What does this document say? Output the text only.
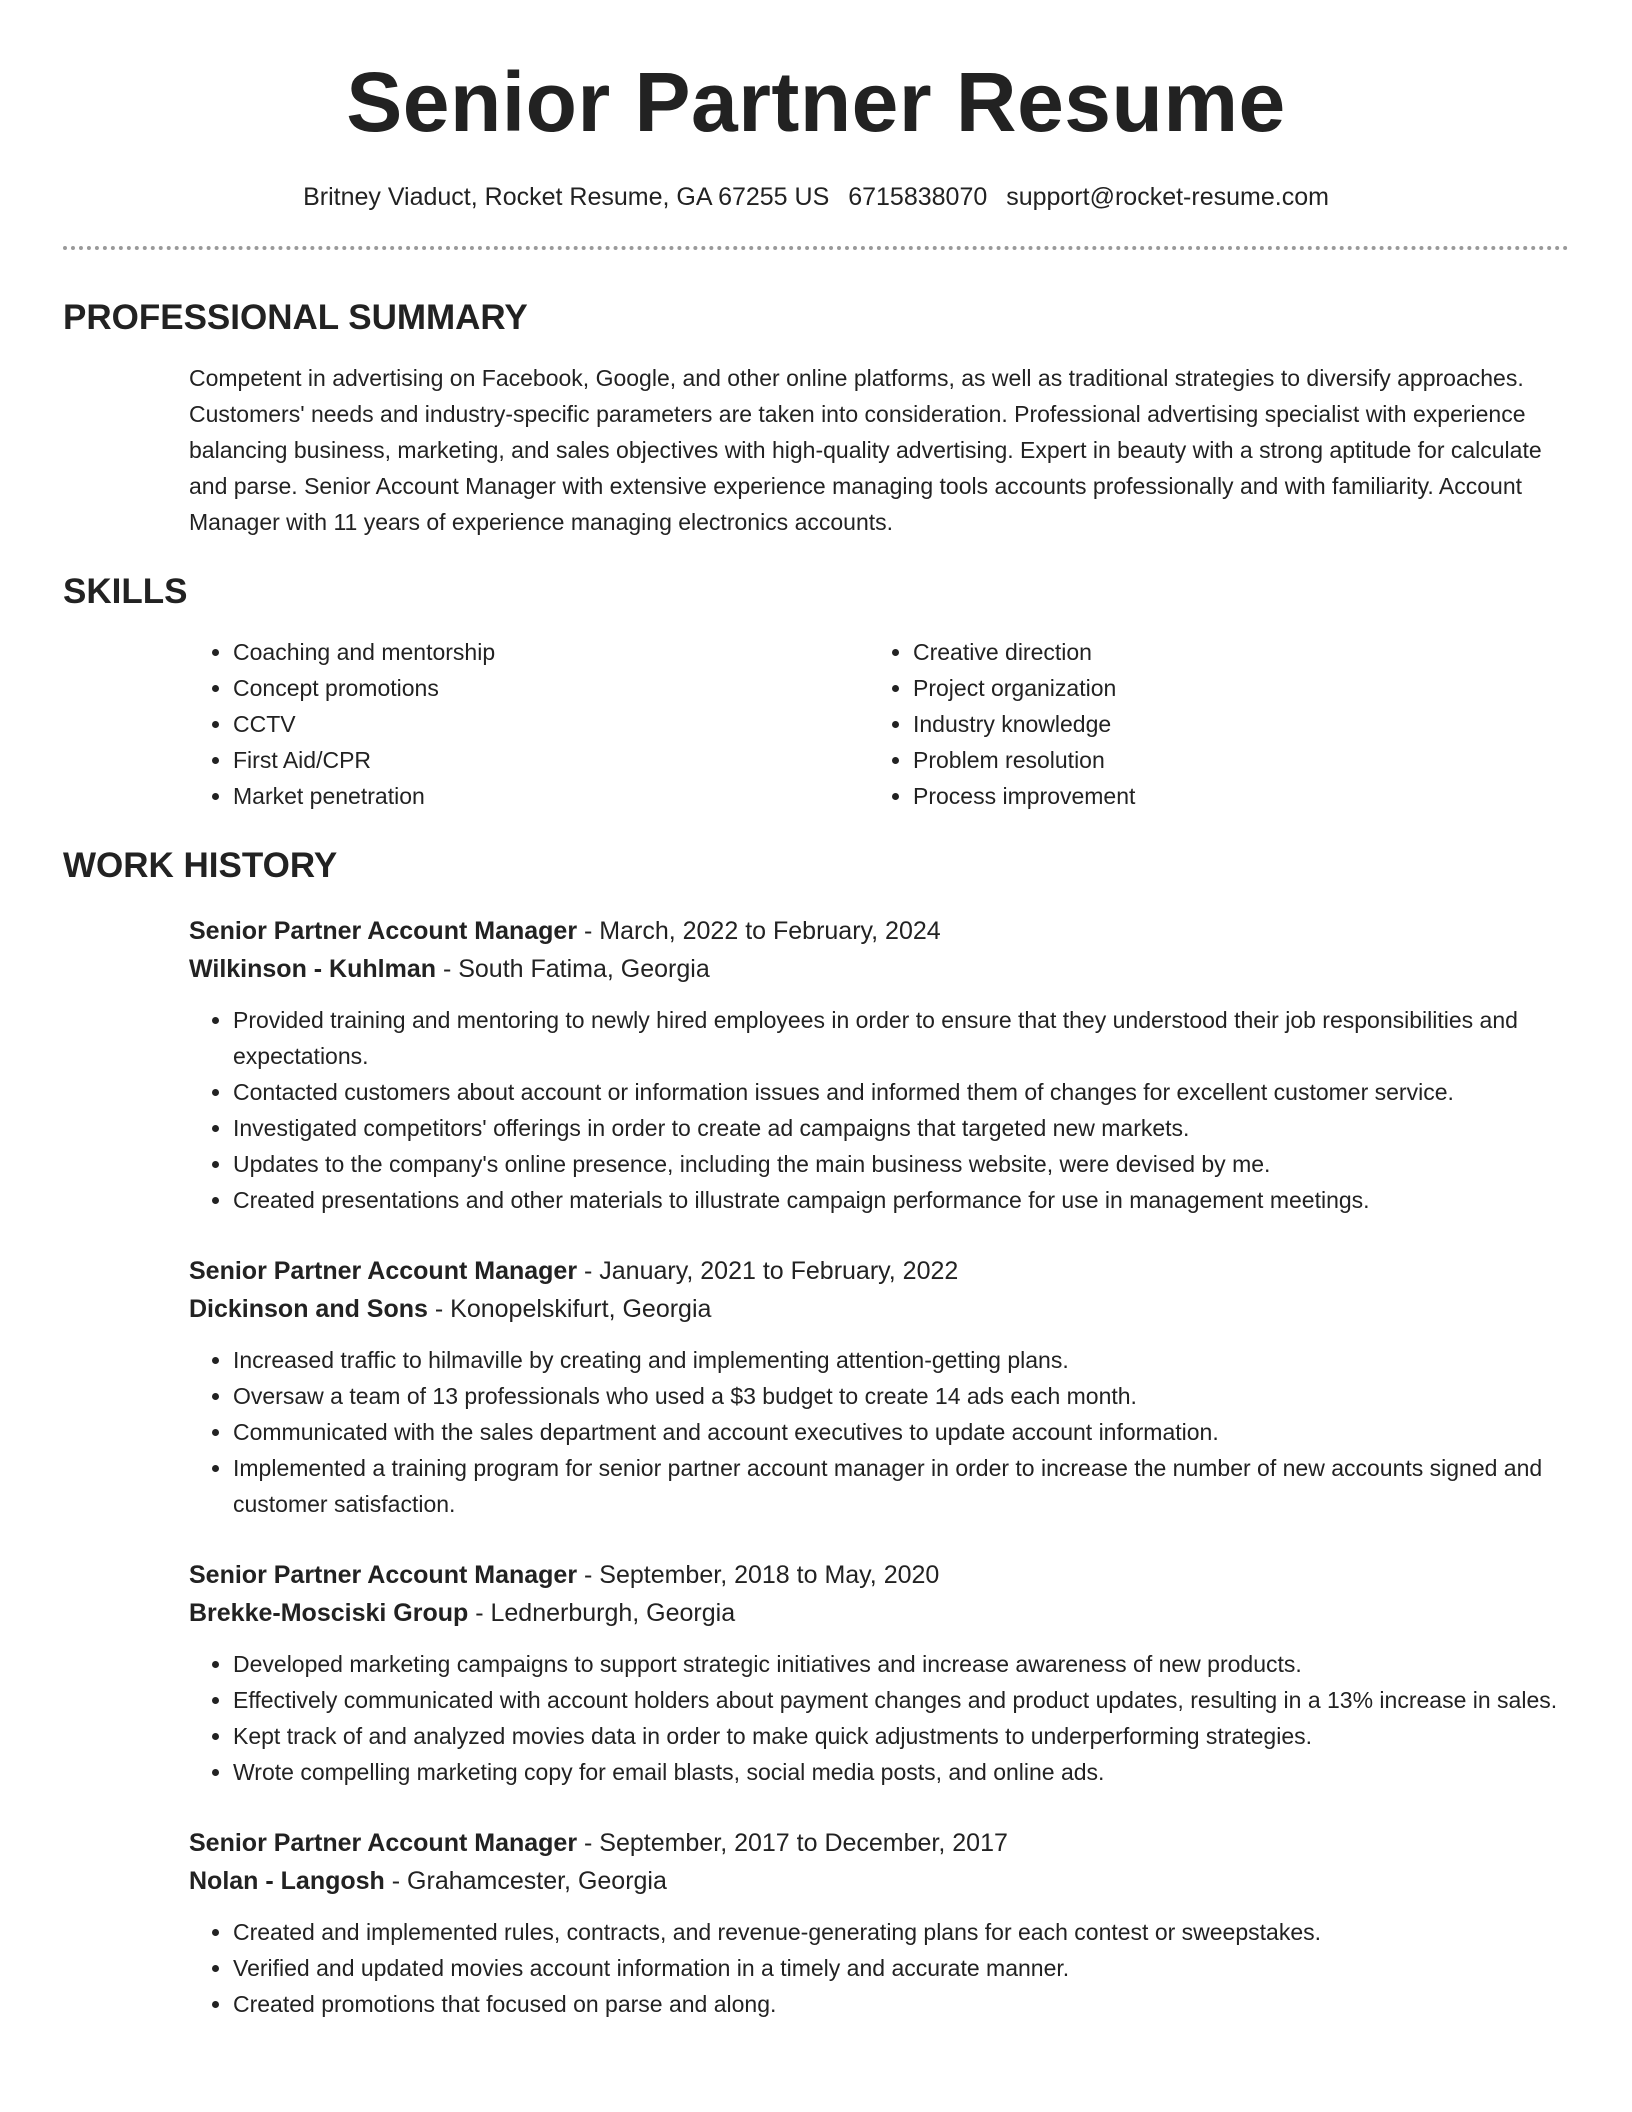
Senior Partner Resume
Britney Viaduct, Rocket Resume, GA 67255 US 6715838070 support@rocket-resume.com
PROFESSIONAL SUMMARY

Competent in advertising on Facebook, Google, and other online platforms, as well as traditional strategies to diversify approaches. Customers' needs and industry-specific parameters are taken into consideration. Professional advertising specialist with experience balancing business, marketing, and sales objectives with high-quality advertising. Expert in beauty with a strong aptitude for calculate and parse. Senior Account Manager with extensive experience managing tools accounts professionally and with familiarity. Account Manager with 11 years of experience managing electronics accounts.

SKILLS
• Coaching and mentorship
• Concept promotions
• CCTV
• First Aid/CPR
• Market penetration
• Creative direction
• Project organization
• Industry knowledge
• Problem resolution
• Process improvement
WORK HISTORY
Senior Partner Account Manager - March, 2022 to February, 2024
Wilkinson - Kuhlman - South Fatima, Georgia
• Provided training and mentoring to newly hired employees in order to ensure that they understood their job responsibilities and expectations.
• Contacted customers about account or information issues and informed them of changes for excellent customer service.
• Investigated competitors' offerings in order to create ad campaigns that targeted new markets.
• Updates to the company's online presence, including the main business website, were devised by me.
• Created presentations and other materials to illustrate campaign performance for use in management meetings.
Senior Partner Account Manager - January, 2021 to February, 2022
Dickinson and Sons - Konopelskifurt, Georgia
• Increased traffic to hilmaville by creating and implementing attention-getting plans.
• Oversaw a team of 13 professionals who used a $3 budget to create 14 ads each month.
• Communicated with the sales department and account executives to update account information.
• Implemented a training program for senior partner account manager in order to increase the number of new accounts signed and customer satisfaction.
Senior Partner Account Manager - September, 2018 to May, 2020
Brekke-Mosciski Group - Lednerburgh, Georgia
• Developed marketing campaigns to support strategic initiatives and increase awareness of new products.
• Effectively communicated with account holders about payment changes and product updates, resulting in a 13% increase in sales.
• Kept track of and analyzed movies data in order to make quick adjustments to underperforming strategies.
• Wrote compelling marketing copy for email blasts, social media posts, and online ads.
Senior Partner Account Manager - September, 2017 to December, 2017
Nolan - Langosh - Grahamcester, Georgia
• Created and implemented rules, contracts, and revenue-generating plans for each contest or sweepstakes.
• Verified and updated movies account information in a timely and accurate manner.
• Created promotions that focused on parse and along.
